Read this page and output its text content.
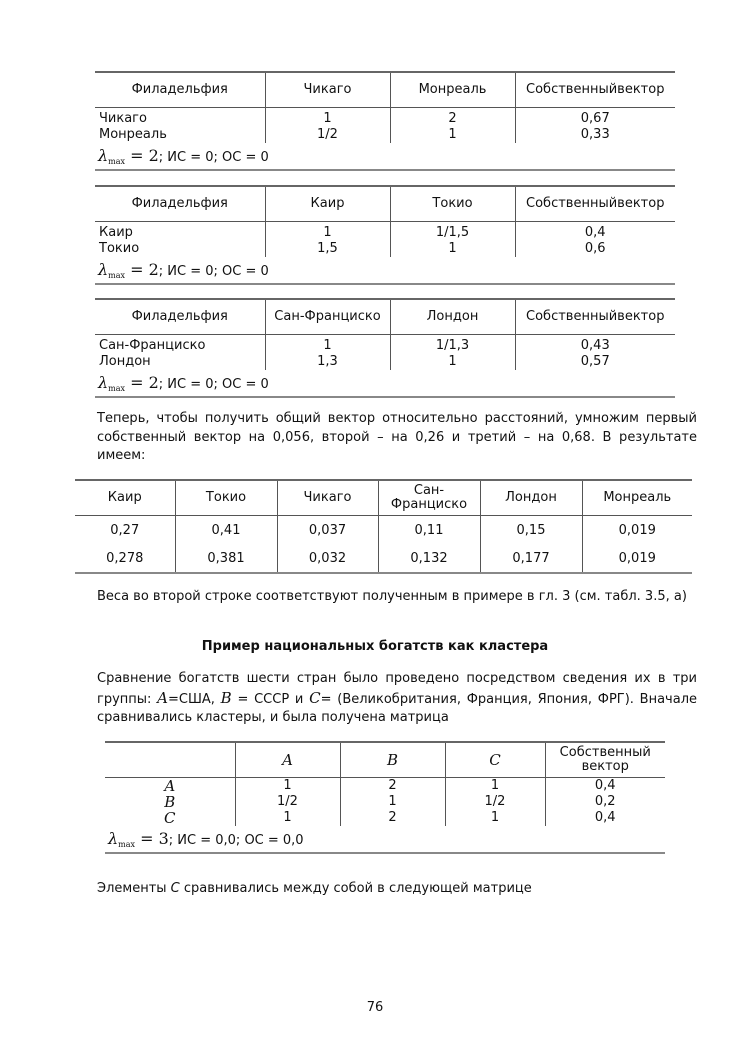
Филадельфия	Чикаго	Монреаль	Собственныйвектор
Чикаго	1	2	0,67
Монреаль	1/2	1	0,33
$\lambda_{max} = 2$; ИС = 0; ОС = 0			
Филадельфия	Каир	Токио	Собственныйвектор
Каир	1	1/1,5	0,4
Токио	1,5	1	0,6
$\lambda_{max} = 2$; ИС = 0; ОС = 0			
Филадельфия	Сан-Франциско	Лондон	Собственныйвектор
Сан-Франциско	1	1/1,3	0,43
Лондон	1,3	1	0,57
$\lambda_{max} = 2$; ИС = 0; ОС = 0			
Теперь, чтобы получить общий вектор относительно расстояний, умножим первый собственный вектор на 0,056, второй – на 0,26 и третий – на 0,68. В результате имеем:
Каир	Токио	Чикаго	Сан-Франциско	Лондон	Монреаль
0,27	0,41	0,037	0,11	0,15	0,019
0,278	0,381	0,032	0,132	0,177	0,019
Веса во второй строке соответствуют полученным в примере в гл. 3 (см. табл. 3.5, а)
Пример национальных богатств как кластера
Сравнение богатств шести стран было проведено посредством сведения их в три группы: A=США, B = СССР и C= (Великобритания, Франция, Япония, ФРГ). Вначале сравнивались кластеры, и была получена матрица
	A	B	C	Собственный вектор
A	1	2	1	0,4
B	1/2	1	1/2	0,2
C	1	2	1	0,4
$\lambda_{max} = 3$; ИС = 0,0; ОС = 0,0				
Элементы C сравнивались между собой в следующей матрице
76
